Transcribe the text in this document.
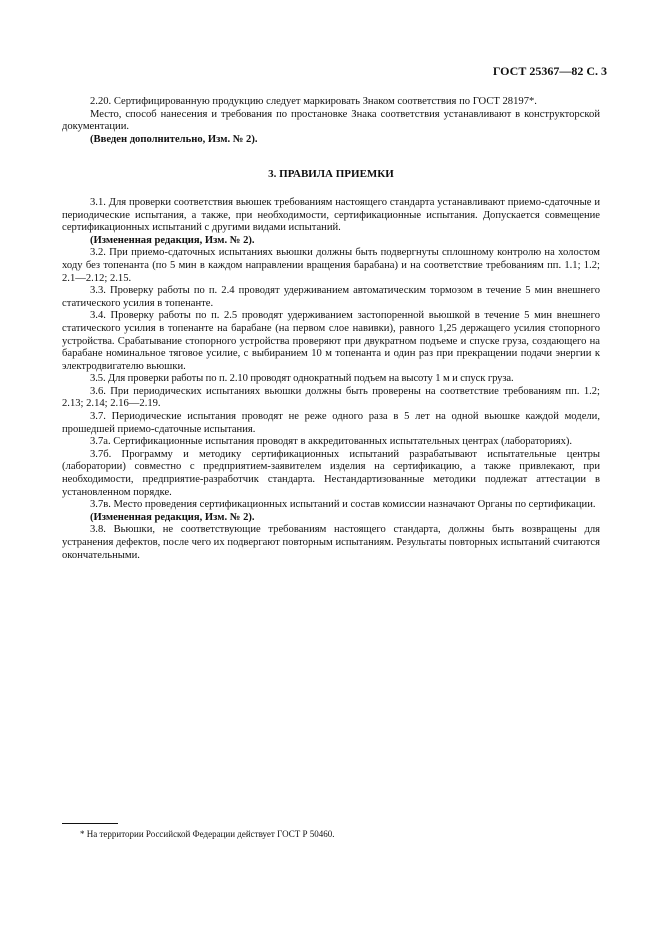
ГОСТ 25367—82 С. 3

2.20. Сертифицированную продукцию следует маркировать Знаком соответствия по ГОСТ 28197*.

Место, способ нанесения и требования по простановке Знака соответствия устанавливают в конструкторской документации.

(Введен дополнительно, Изм. № 2).

3. ПРАВИЛА ПРИЕМКИ

3.1. Для проверки соответствия вьюшек требованиям настоящего стандарта устанавливают приемо-сдаточные и периодические испытания, а также, при необходимости, сертификационные испытания. Допускается совмещение сертификационных испытаний с другими видами испытаний.

(Измененная редакция, Изм. № 2).

3.2. При приемо-сдаточных испытаниях вьюшки должны быть подвергнуты сплошному контролю на холостом ходу без топенанта (по 5 мин в каждом направлении вращения барабана) и на соответствие требованиям пп. 1.1; 1.2; 2.1—2.12; 2.15.

3.3. Проверку работы по п. 2.4 проводят удерживанием автоматическим тормозом в течение 5 мин внешнего статического усилия в топенанте.

3.4. Проверку работы по п. 2.5 проводят удерживанием застопоренной вьюшкой в течение 5 мин внешнего статического усилия в топенанте на барабане (на первом слое навивки), равного 1,25 держащего усилия стопорного устройства. Срабатывание стопорного устройства проверяют при двукратном подъеме и спуске груза, создающего на барабане номинальное тяговое усилие, с выбиранием 10 м топенанта и один раз при прекращении подачи энергии к электродвигателю вьюшки.

3.5. Для проверки работы по п. 2.10 проводят однократный подъем на высоту 1 м и спуск груза.

3.6. При периодических испытаниях вьюшки должны быть проверены на соответствие требованиям пп. 1.2; 2.13; 2.14; 2.16—2.19.

3.7. Периодические испытания проводят не реже одного раза в 5 лет на одной вьюшке каждой модели, прошедшей приемо-сдаточные испытания.

3.7а. Сертификационные испытания проводят в аккредитованных испытательных центрах (лабораториях).

3.7б. Программу и методику сертификационных испытаний разрабатывают испытательные центры (лаборатории) совместно с предприятием-заявителем изделия на сертификацию, а также привлекают, при необходимости, предприятие-разработчик стандарта. Нестандартизованные методики подлежат аттестации в установленном порядке.

3.7в. Место проведения сертификационных испытаний и состав комиссии назначают Органы по сертификации.

(Измененная редакция, Изм. № 2).

3.8. Вьюшки, не соответствующие требованиям настоящего стандарта, должны быть возвращены для устранения дефектов, после чего их подвергают повторным испытаниям. Результаты повторных испытаний считаются окончательными.

* На территории Российской Федерации действует ГОСТ Р 50460.
